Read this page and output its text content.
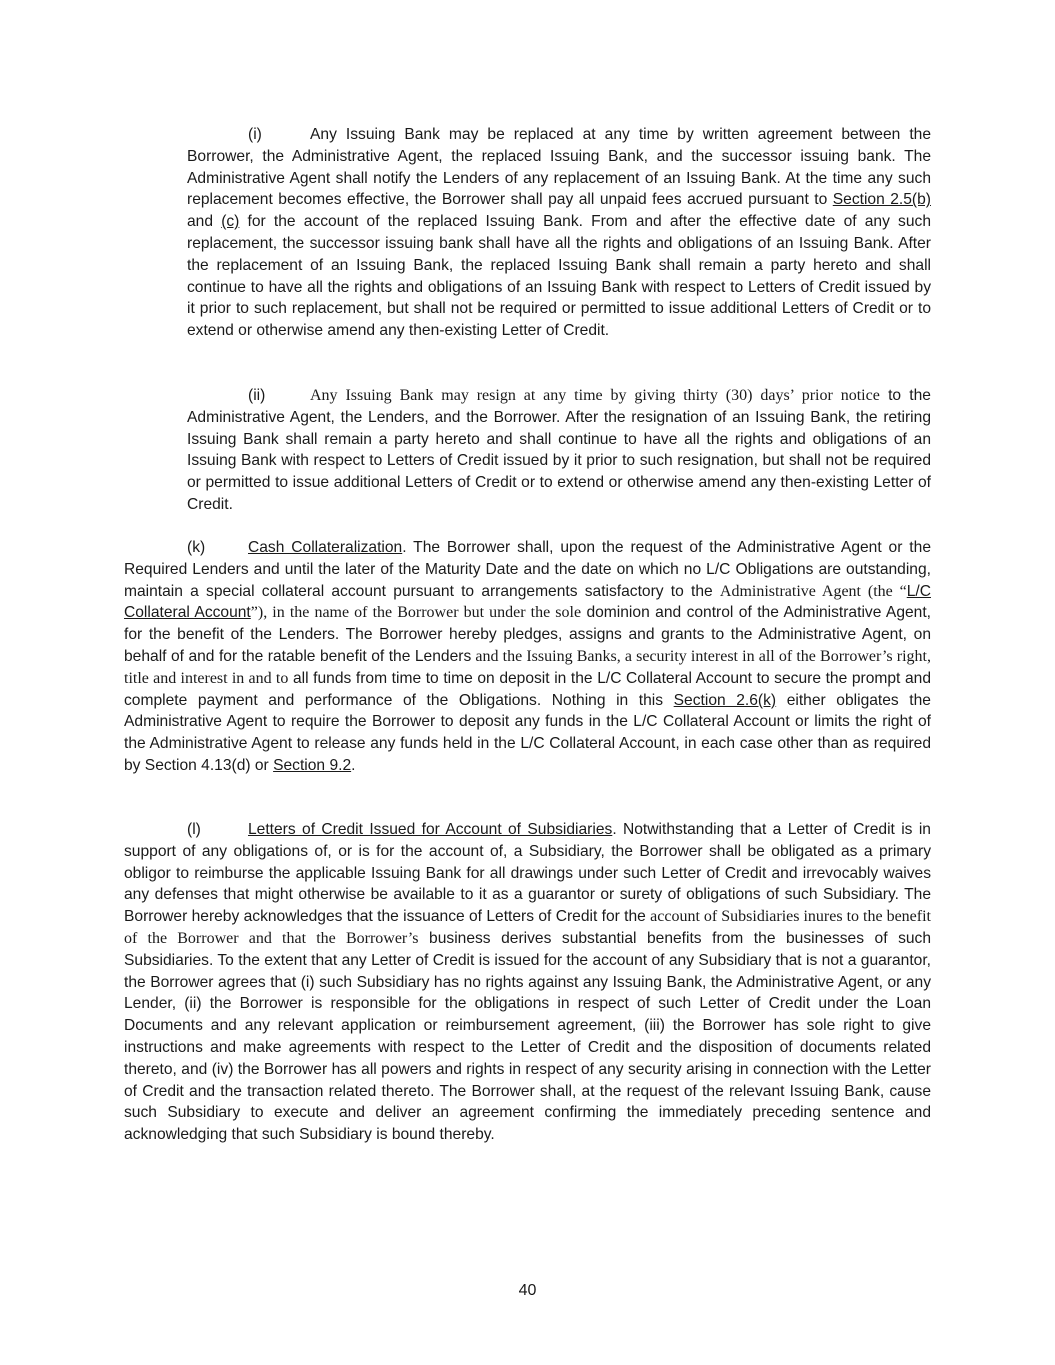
(i)	Any Issuing Bank may be replaced at any time by written agreement between the Borrower, the Administrative Agent, the replaced Issuing Bank, and the successor issuing bank. The Administrative Agent shall notify the Lenders of any replacement of an Issuing Bank. At the time any such replacement becomes effective, the Borrower shall pay all unpaid fees accrued pursuant to Section 2.5(b) and (c) for the account of the replaced Issuing Bank. From and after the effective date of any such replacement, the successor issuing bank shall have all the rights and obligations of an Issuing Bank. After the replacement of an Issuing Bank, the replaced Issuing Bank shall remain a party hereto and shall continue to have all the rights and obligations of an Issuing Bank with respect to Letters of Credit issued by it prior to such replacement, but shall not be required or permitted to issue additional Letters of Credit or to extend or otherwise amend any then-existing Letter of Credit.
(ii)	Any Issuing Bank may resign at any time by giving thirty (30) days’ prior notice to the Administrative Agent, the Lenders, and the Borrower. After the resignation of an Issuing Bank, the retiring Issuing Bank shall remain a party hereto and shall continue to have all the rights and obligations of an Issuing Bank with respect to Letters of Credit issued by it prior to such resignation, but shall not be required or permitted to issue additional Letters of Credit or to extend or otherwise amend any then-existing Letter of Credit.
(k)	Cash Collateralization. The Borrower shall, upon the request of the Administrative Agent or the Required Lenders and until the later of the Maturity Date and the date on which no L/C Obligations are outstanding, maintain a special collateral account pursuant to arrangements satisfactory to the Administrative Agent (the “L/C Collateral Account”), in the name of the Borrower but under the sole dominion and control of the Administrative Agent, for the benefit of the Lenders. The Borrower hereby pledges, assigns and grants to the Administrative Agent, on behalf of and for the ratable benefit of the Lenders and the Issuing Banks, a security interest in all of the Borrower’s right, title and interest in and to all funds from time to time on deposit in the L/C Collateral Account to secure the prompt and complete payment and performance of the Obligations. Nothing in this Section 2.6(k) either obligates the Administrative Agent to require the Borrower to deposit any funds in the L/C Collateral Account or limits the right of the Administrative Agent to release any funds held in the L/C Collateral Account, in each case other than as required by Section 4.13(d) or Section 9.2.
(l)	Letters of Credit Issued for Account of Subsidiaries. Notwithstanding that a Letter of Credit is in support of any obligations of, or is for the account of, a Subsidiary, the Borrower shall be obligated as a primary obligor to reimburse the applicable Issuing Bank for all drawings under such Letter of Credit and irrevocably waives any defenses that might otherwise be available to it as a guarantor or surety of obligations of such Subsidiary. The Borrower hereby acknowledges that the issuance of Letters of Credit for the account of Subsidiaries inures to the benefit of the Borrower and that the Borrower’s business derives substantial benefits from the businesses of such Subsidiaries. To the extent that any Letter of Credit is issued for the account of any Subsidiary that is not a guarantor, the Borrower agrees that (i) such Subsidiary has no rights against any Issuing Bank, the Administrative Agent, or any Lender, (ii) the Borrower is responsible for the obligations in respect of such Letter of Credit under the Loan Documents and any relevant application or reimbursement agreement, (iii) the Borrower has sole right to give instructions and make agreements with respect to the Letter of Credit and the disposition of documents related thereto, and (iv) the Borrower has all powers and rights in respect of any security arising in connection with the Letter of Credit and the transaction related thereto. The Borrower shall, at the request of the relevant Issuing Bank, cause such Subsidiary to execute and deliver an agreement confirming the immediately preceding sentence and acknowledging that such Subsidiary is bound thereby.
40
